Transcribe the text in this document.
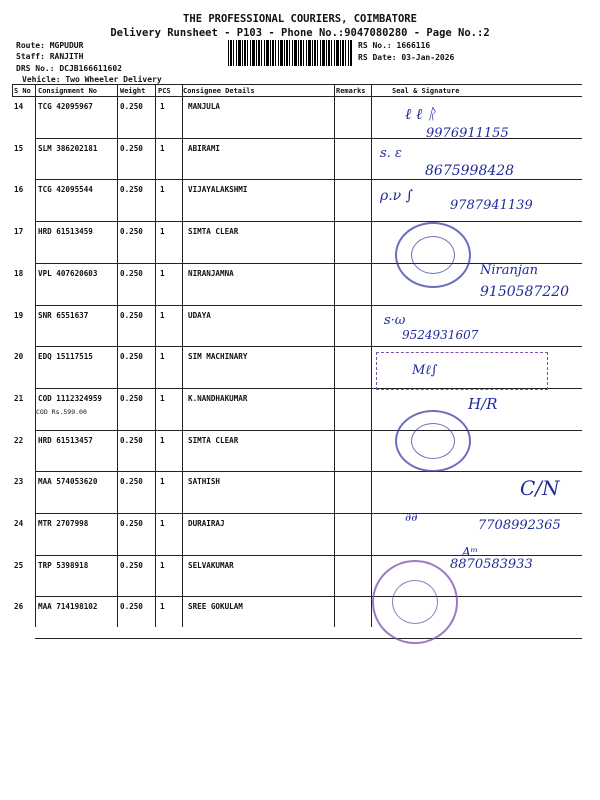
THE PROFESSIONAL COURIERS, COIMBATORE
Delivery Runsheet - P103 - Phone No.:9047080280 - Page No.:2
Route: MGPUDUR
Staff: RANJITH
DRS No.: DCJB166611602
Vehicle: Two Wheeler Delivery
RS No.: 1666116
RS Date: 03-Jan-2026
S No Consignment No	Weight PCS Consignee Details	Remarks	Seal & Signature
14 TCG 42095967	0.250 1	MANJULA
15 SLM 386202181	0.250 1	ABIRAMI
16 TCG 42095544	0.250 1	VIJAYALAKSHMI
17 HRD 61513459	0.250 1	SIMTA CLEAR
18 VPL 407620603	0.250 1	NIRANJAMNA
19 SNR 6551637	0.250 1	UDAYA
20 EDQ 15117515	0.250 1	SIM MACHINARY
21 COD 1112324959 0.250 1	K.NANDHAKUMAR
COD Rs.599.00
22 HRD 61513457	0.250 1	SIMTA CLEAR
23 MAA 574053620	0.250 1	SATHISH
24 MTR 2707998	0.250 1	DURAIRAJ
25 TRP 5398918	0.250 1	SELVAKUMAR
26 MAA 714198102	0.250 1	SREE GOKULAM
ℓ ℓ ᚱ
9976911155
ꜱ. ε
8675998428
ρ.ν ∫
9787941139
Niranjan
9150587220
ꜱ·ω
9524931607
Mℓ∫
H/R
C/N
∂∂
7708992365
Aᵐ
8870583933
